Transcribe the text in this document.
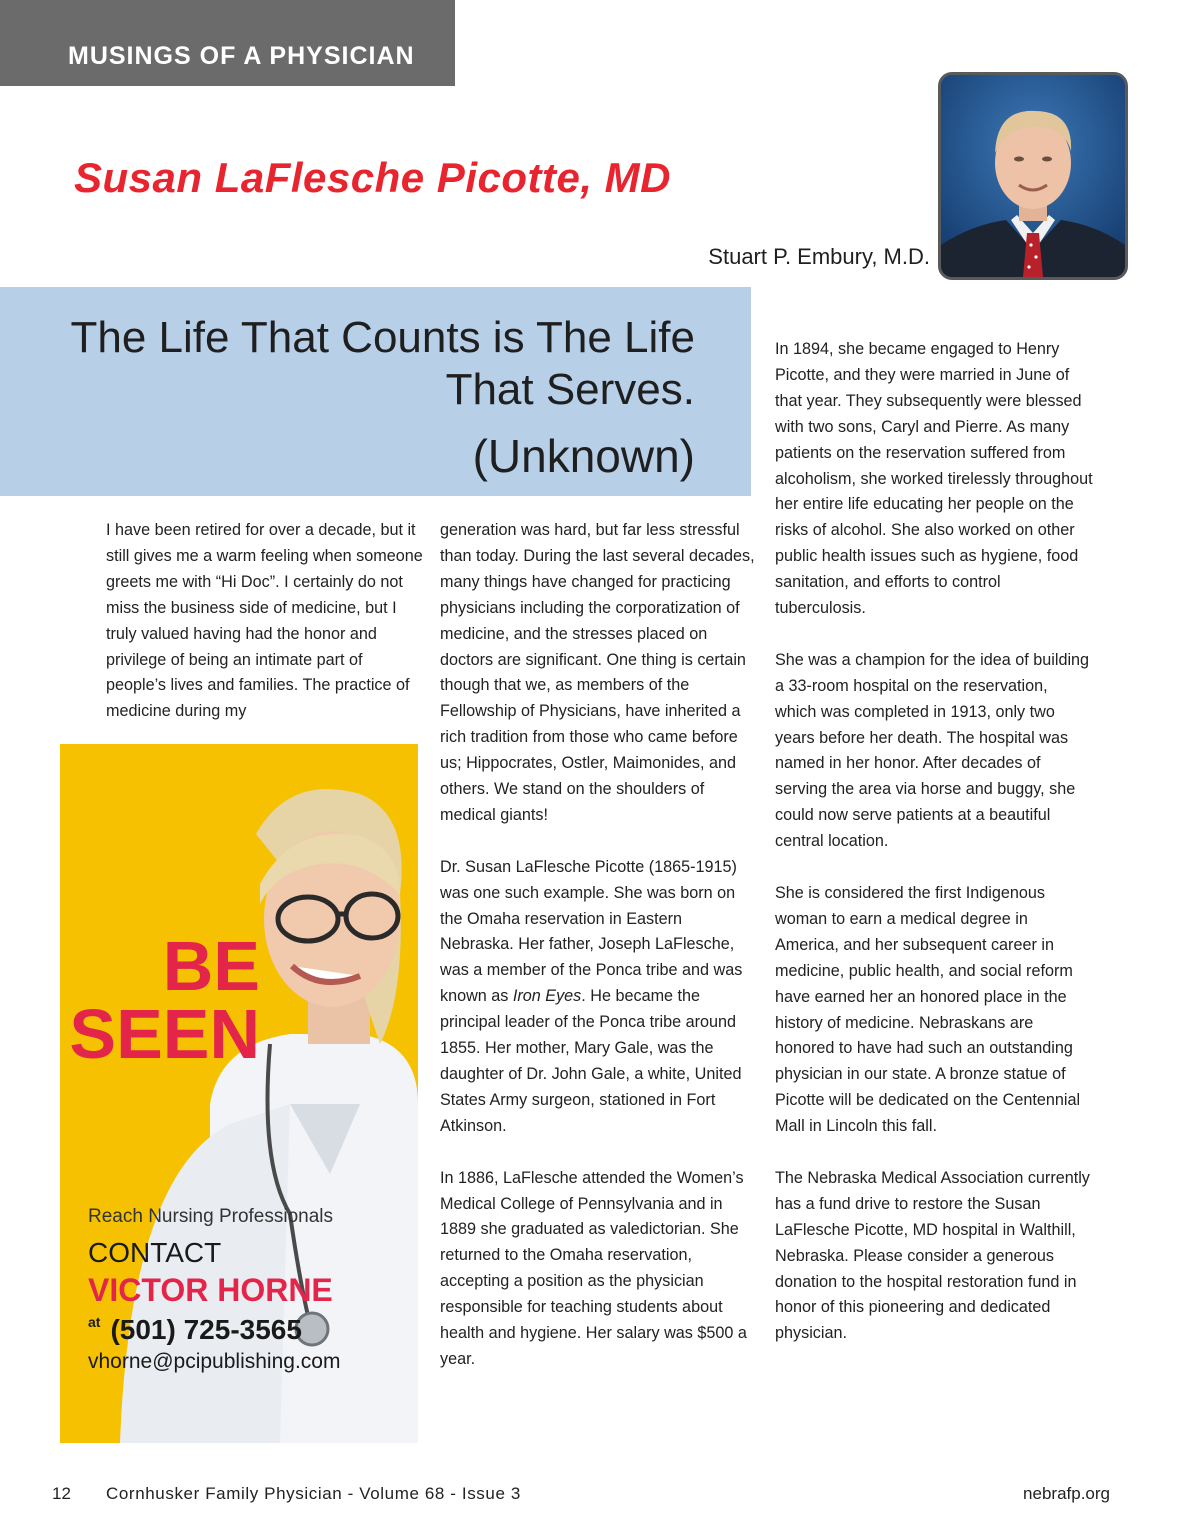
MUSINGS OF A PHYSICIAN
Susan LaFlesche Picotte, MD
Stuart P. Embury, M.D.
The Life That Counts is The Life
That Serves.
(Unknown)

I have been retired for over a decade, but it still gives me a warm feeling when someone greets me with “Hi Doc”. I certainly do not miss the business side of medicine, but I truly valued having had the honor and privilege of being an intimate part of people’s lives and families. The practice of medicine during my

generation was hard, but far less stressful than today. During the last several decades, many things have changed for practicing physicians including the corporatization of medicine, and the stresses placed on doctors are significant. One thing is certain though that we, as members of the Fellowship of Physicians, have inherited a rich tradition from those who came before us; Hippocrates, Ostler, Maimonides, and others. We stand on the shoulders of medical giants!

Dr. Susan LaFlesche Picotte (1865-1915) was one such example. She was born on the Omaha reservation in Eastern Nebraska. Her father, Joseph LaFlesche, was a member of the Ponca tribe and was known as Iron Eyes. He became the principal leader of the Ponca tribe around 1855. Her mother, Mary Gale, was the daughter of Dr. John Gale, a white, United States Army surgeon, stationed in Fort Atkinson.

In 1886, LaFlesche attended the Women’s Medical College of Pennsylvania and in 1889 she graduated as valedictorian. She returned to the Omaha reservation, accepting a position as the physician responsible for teaching students about health and hygiene. Her salary was $500 a year.

In 1894, she became engaged to Henry Picotte, and they were married in June of that year. They subsequently were blessed with two sons, Caryl and Pierre. As many patients on the reservation suffered from alcoholism, she worked tirelessly throughout her entire life educating her people on the risks of alcohol. She also worked on other public health issues such as hygiene, food sanitation, and efforts to control tuberculosis.

She was a champion for the idea of building a 33-room hospital on the reservation, which was completed in 1913, only two years before her death. The hospital was named in her honor. After decades of serving the area via horse and buggy, she could now serve patients at a beautiful central location.

She is considered the first Indigenous woman to earn a medical degree in America, and her subsequent career in medicine, public health, and social reform have earned her an honored place in the history of medicine. Nebraskans are honored to have had such an outstanding physician in our state. A bronze statue of Picotte will be dedicated on the Centennial Mall in Lincoln this fall.

The Nebraska Medical Association currently has a fund drive to restore the Susan LaFlesche Picotte, MD hospital in Walthill, Nebraska. Please consider a generous donation to the hospital restoration fund in honor of this pioneering and dedicated physician.

BE
SEEN
Reach Nursing Professionals
CONTACT
VICTOR HORNE
$^{at}$ (501) 725-3565
vhorne@pcipublishing.com
12 Cornhusker Family Physician - Volume 68 - Issue 3	nebrafp.org
